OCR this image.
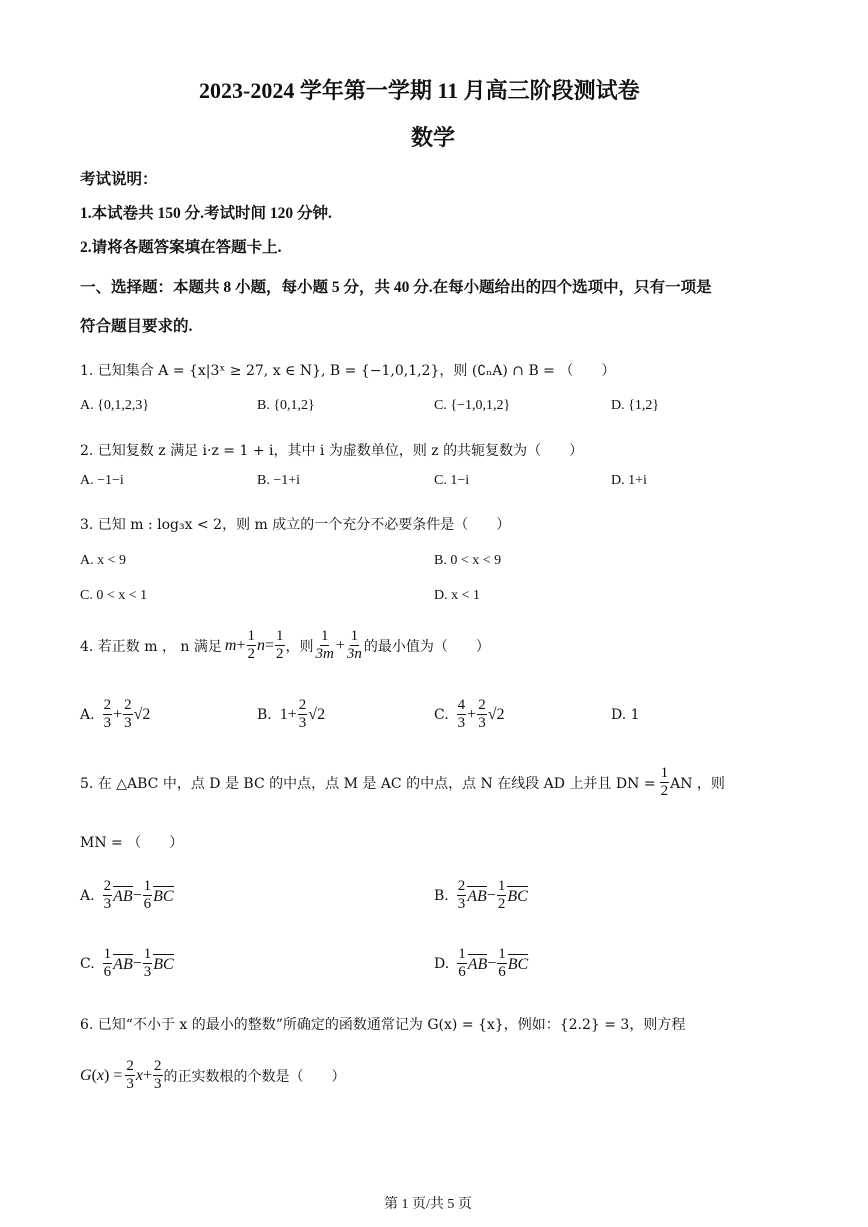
2023-2024 学年第一学期 11 月高三阶段测试卷
数学
考试说明：
1.本试卷共 150 分.考试时间 120 分钟.
2.请将各题答案填在答题卡上.
一、选择题：本题共 8 小题，每小题 5 分，共 40 分.在每小题给出的四个选项中，只有一项是
符合题目要求的.
1. 已知集合 A = {x|3ˣ ≥ 27, x ∈ N}, B = {−1,0,1,2}，则 (∁ₙA) ∩ B = （　　）
A. {0,1,2,3}	B. {0,1,2}	C. {−1,0,1,2}	D. {1,2}
2. 已知复数 z 满足 i·z = 1 + i，其中 i 为虚数单位，则 z 的共轭复数为（　　）
A. −1−i	B. −1+i	C. 1−i	D. 1+i
3. 已知 m : log₃x < 2，则 m 成立的一个充分不必要条件是（　　）
A. x < 9	B. 0 < x < 9
C. 0 < x < 1	D. x < 1
4. 若正数 m ， n 满足 $m + \frac{1}{2}$ $n = \frac{1}{2}$ ，则 $\frac{1}{3m} + \frac{1}{3n}$ 的最小值为（　　）
A. $\frac{2}{3} + \frac{2}{3} √2$	B. $1+ \frac{2}{3} √2$	C. $\frac{4}{3} + \frac{2}{3} √2$	D. 1
5. 在 △ABC 中，点 D 是 BC 的中点，点 M 是 AC 的中点，点 N 在线段 AD 上并且 DN = $\frac{1}{2}$ AN ，则
MN = （　　）
A. $\frac{2}{3}$ AB − $\frac{1}{6}$ BC	B. $\frac{2}{3}$ AB − $\frac{1}{2}$ BC
C. $\frac{1}{6}$ AB − $\frac{1}{3}$ BC	D. $\frac{1}{6}$ AB − $\frac{1}{6}$ BC
6. 已知“不小于 x 的最小的整数”所确定的函数通常记为 G(x) = {x}，例如：{2.2} = 3，则方程
G ( x ) = $\frac{2}{3}$ $x + \frac{2}{3}$ 的正实数根的个数是（　　）
第 1 页/共 5 页
